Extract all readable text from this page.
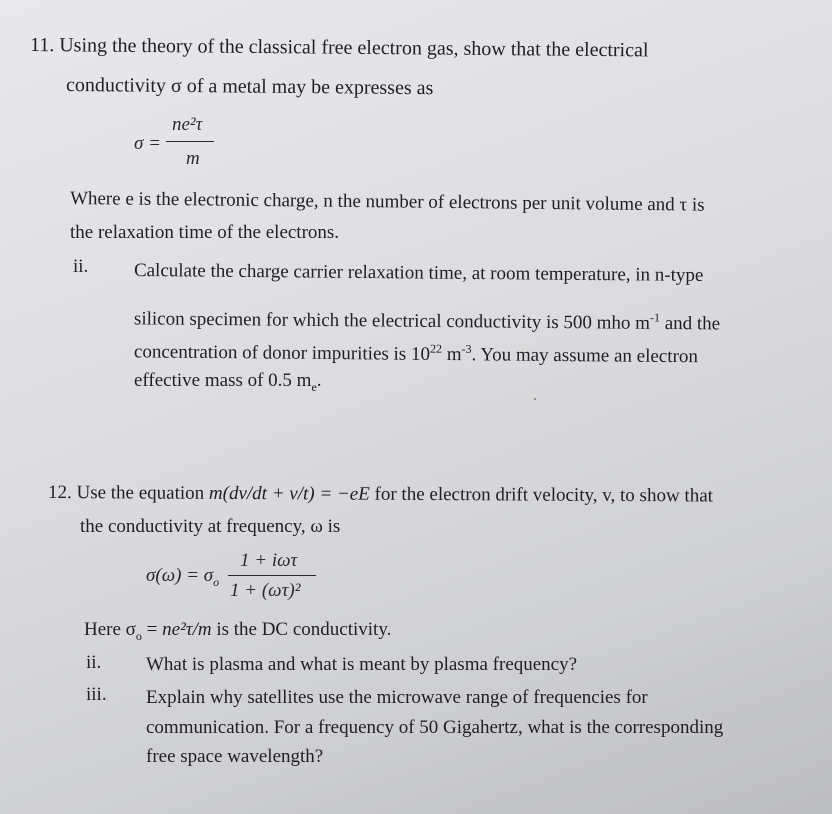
11. Using the theory of the classical free electron gas, show that the electrical
conductivity σ of a metal may be expresses as
σ =
ne²τ
m
Where e is the electronic charge, n the number of electrons per unit volume and τ is
the relaxation time of the electrons.
ii. Calculate the charge carrier relaxation time, at room temperature, in n-type
silicon specimen for which the electrical conductivity is 500 mho $m^{-1}$ and the
concentration of donor impurities is $10^{22}$ $m^{-3}$. You may assume an electron
effective mass of 0.5 $m_e$.
12. Use the equation m(dv/dt + v/t) = −eE for the electron drift velocity, v, to show that
the conductivity at frequency, ω is
$\sigma(\omega) = \sigma_o$
1 + iωτ
1 + (ωτ)²
Here $\sigma_o = ne^2\tau/m$ is the DC conductivity.
ii. What is plasma and what is meant by plasma frequency?
iii. Explain why satellites use the microwave range of frequencies for
communication. For a frequency of 50 Gigahertz, what is the corresponding
free space wavelength?
